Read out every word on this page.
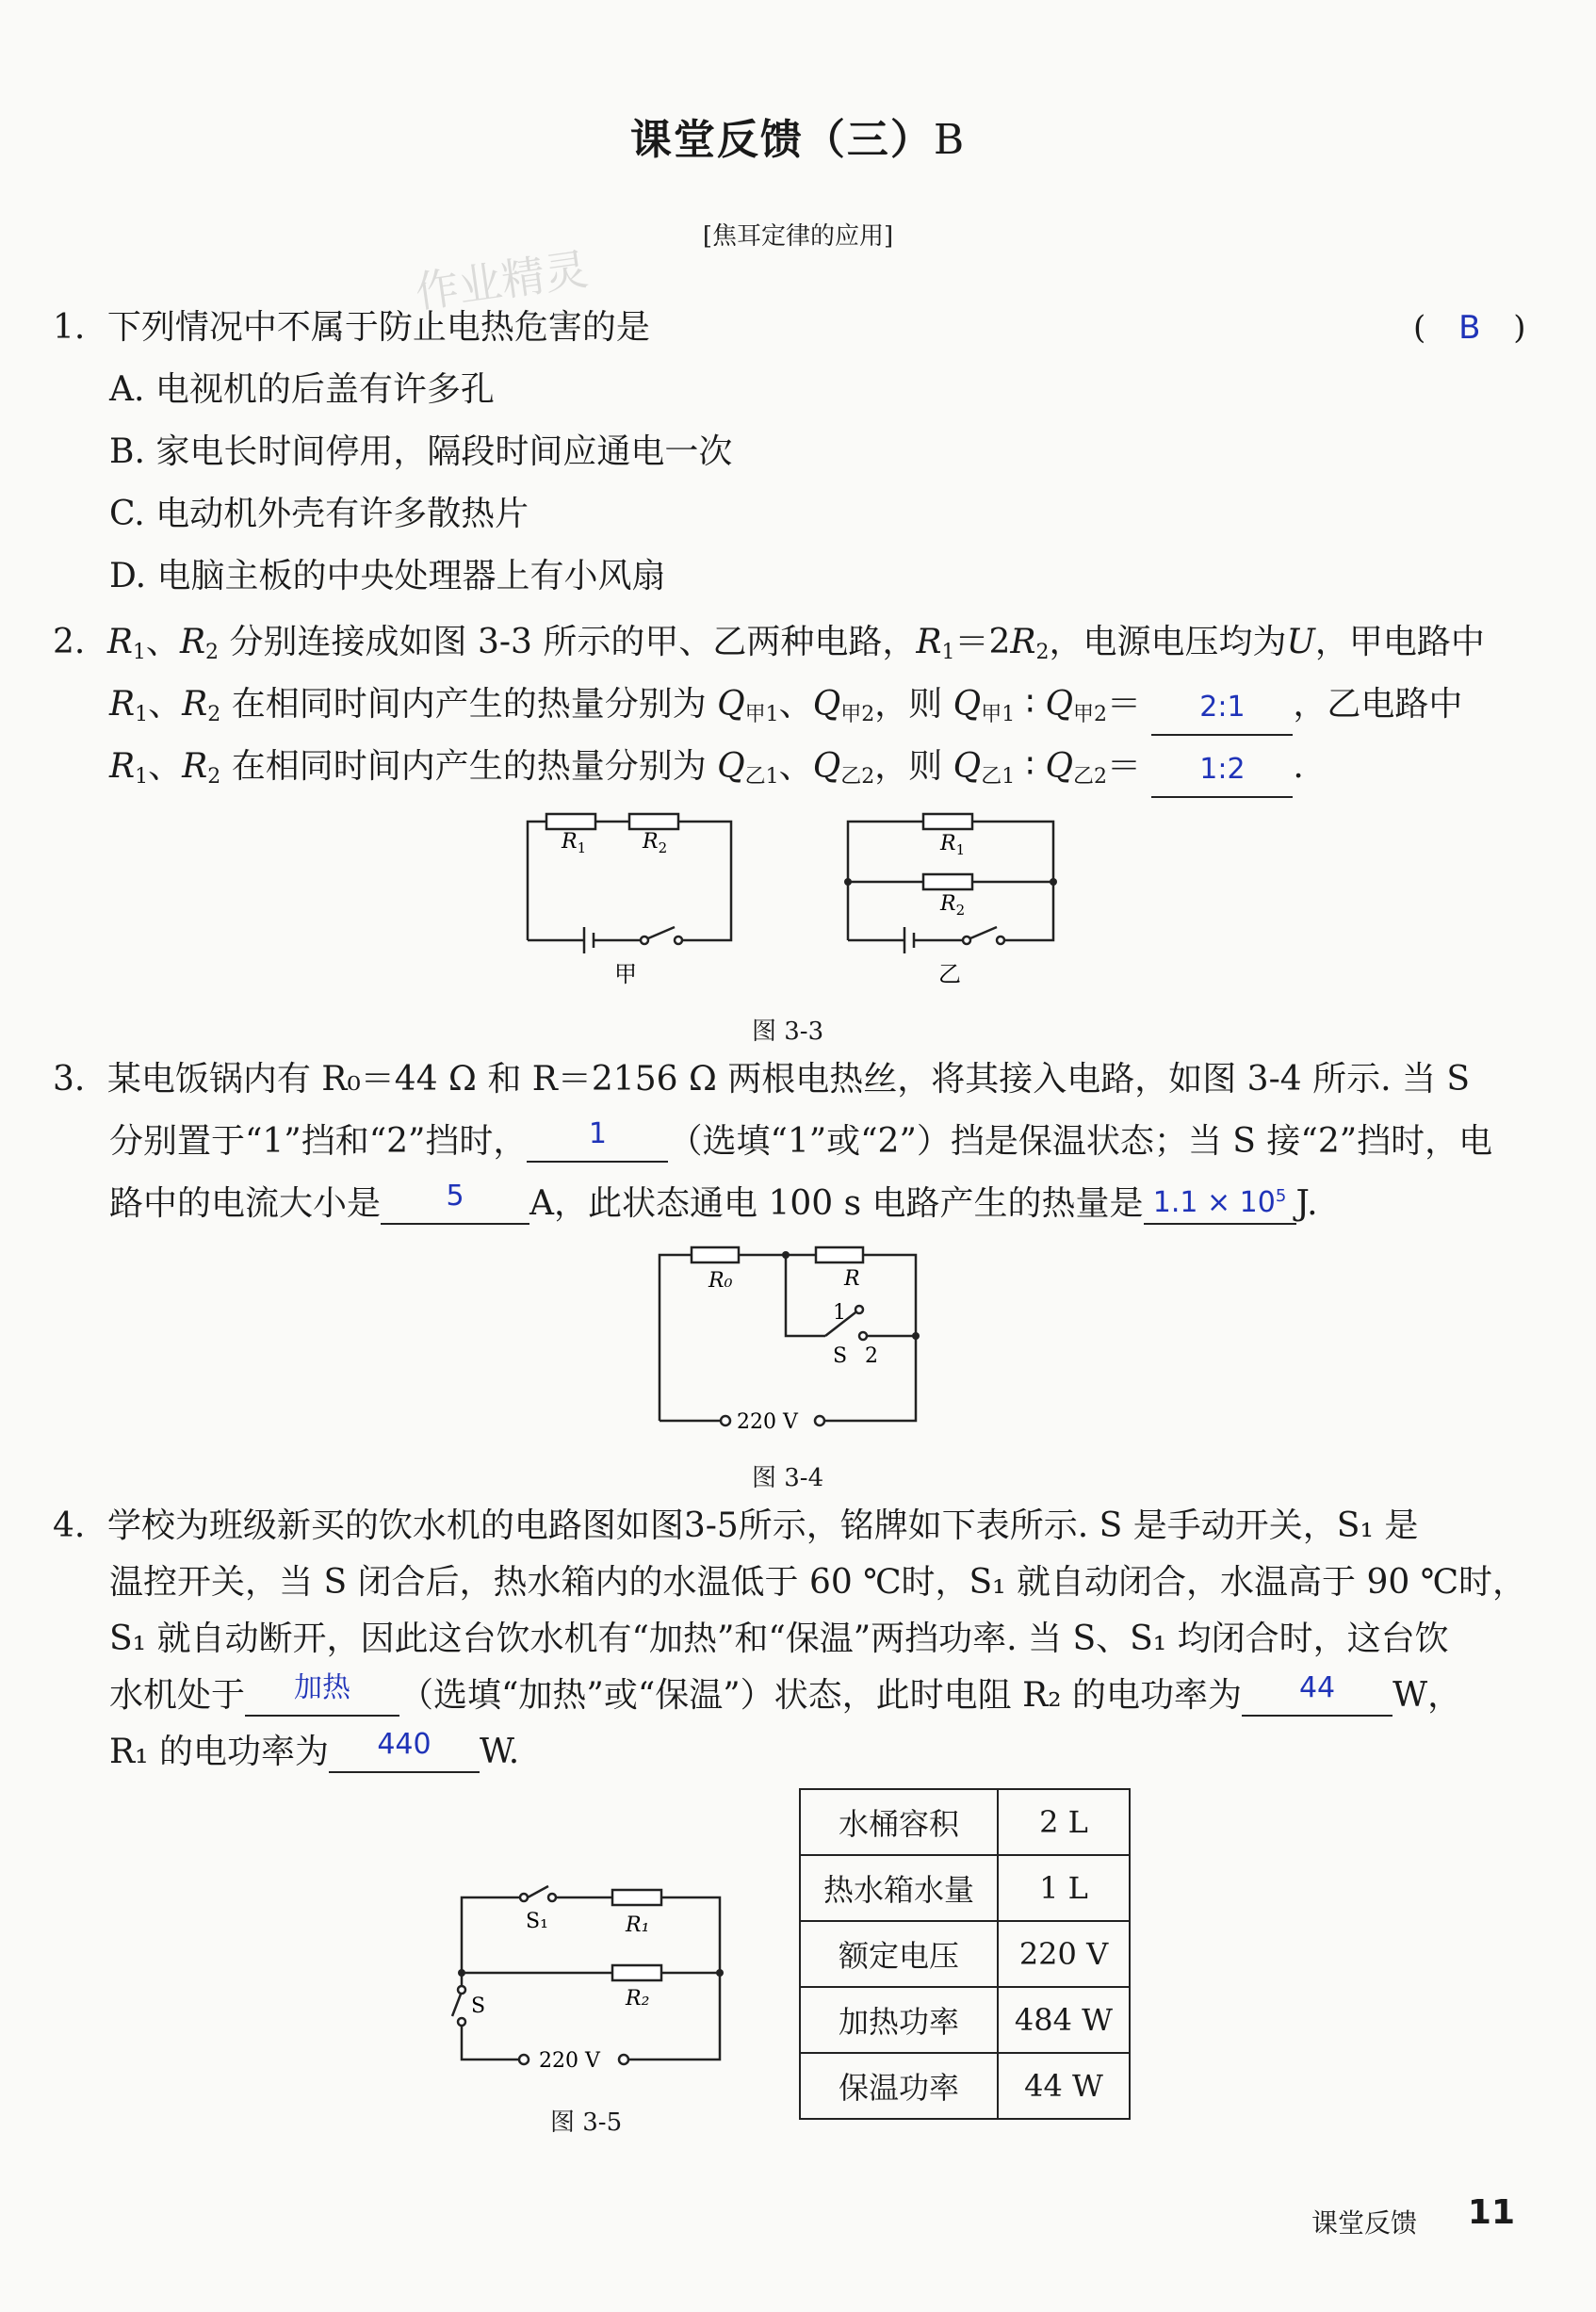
课堂反馈（三）B
[焦耳定律的应用]
作业精灵
1. 下列情况中不属于防止电热危害的是	( B )
A. 电视机的后盖有许多孔
B. 家电长时间停用，隔段时间应通电一次
C. 电动机外壳有许多散热片
D. 电脑主板的中央处理器上有小风扇
2. $R_1$、$R_2$ 分别连接成如图 3-3 所示的甲、乙两种电路，$R_1=2R_2$，电源电压均为U，甲电路中
$R_1$、$R_2$ 在相同时间内产生的热量分别为 $Q_{甲1}$、$Q_{甲2}$，则 $Q_{甲1}$ ∶ $Q_{甲2}=$	2:1	，乙电路中
$R_1$、$R_2$ 在相同时间内产生的热量分别为 $Q_{乙1}$、$Q_{乙2}$，则 $Q_{乙1}$ ∶ $Q_{乙2}=$	1:2	.
$R_1$	$R_2$	$R_1$
$R_2$
甲	乙
图 3-3
3. 某电饭锅内有 R₀＝44 Ω 和 R＝2156 Ω 两根电热丝，将其接入电路，如图 3-4 所示. 当 S
分别置于“1”挡和“2”挡时，	1	（选填“1”或“2”）挡是保温状态；当 S 接“2”挡时，电
路中的电流大小是	5	A，此状态通电 100 s 电路产生的热量是 $1.1 \times 10^5$ J.
R₀	R
1
S 2
220 V
图 3-4
4. 学校为班级新买的饮水机的电路图如图3-5所示，铭牌如下表所示. S 是手动开关，S₁ 是
温控开关，当 S 闭合后，热水箱内的水温低于 60 ℃时，S₁ 就自动闭合，水温高于 90 ℃时，
S₁ 就自动断开，因此这台饮水机有“加热”和“保温”两挡功率. 当 S、S₁ 均闭合时，这台饮
水机处于	加热	（选填“加热”或“保温”）状态，此时电阻 R₂ 的电功率为	44	W，
R₁ 的电功率为	440	W.
S₁	R₁
R₂
S
220 V
图 3-5
水桶容积	2 L
热水箱水量	1 L
额定电压	220 V
加热功率	484 W
保温功率	44 W
课堂反馈 11
